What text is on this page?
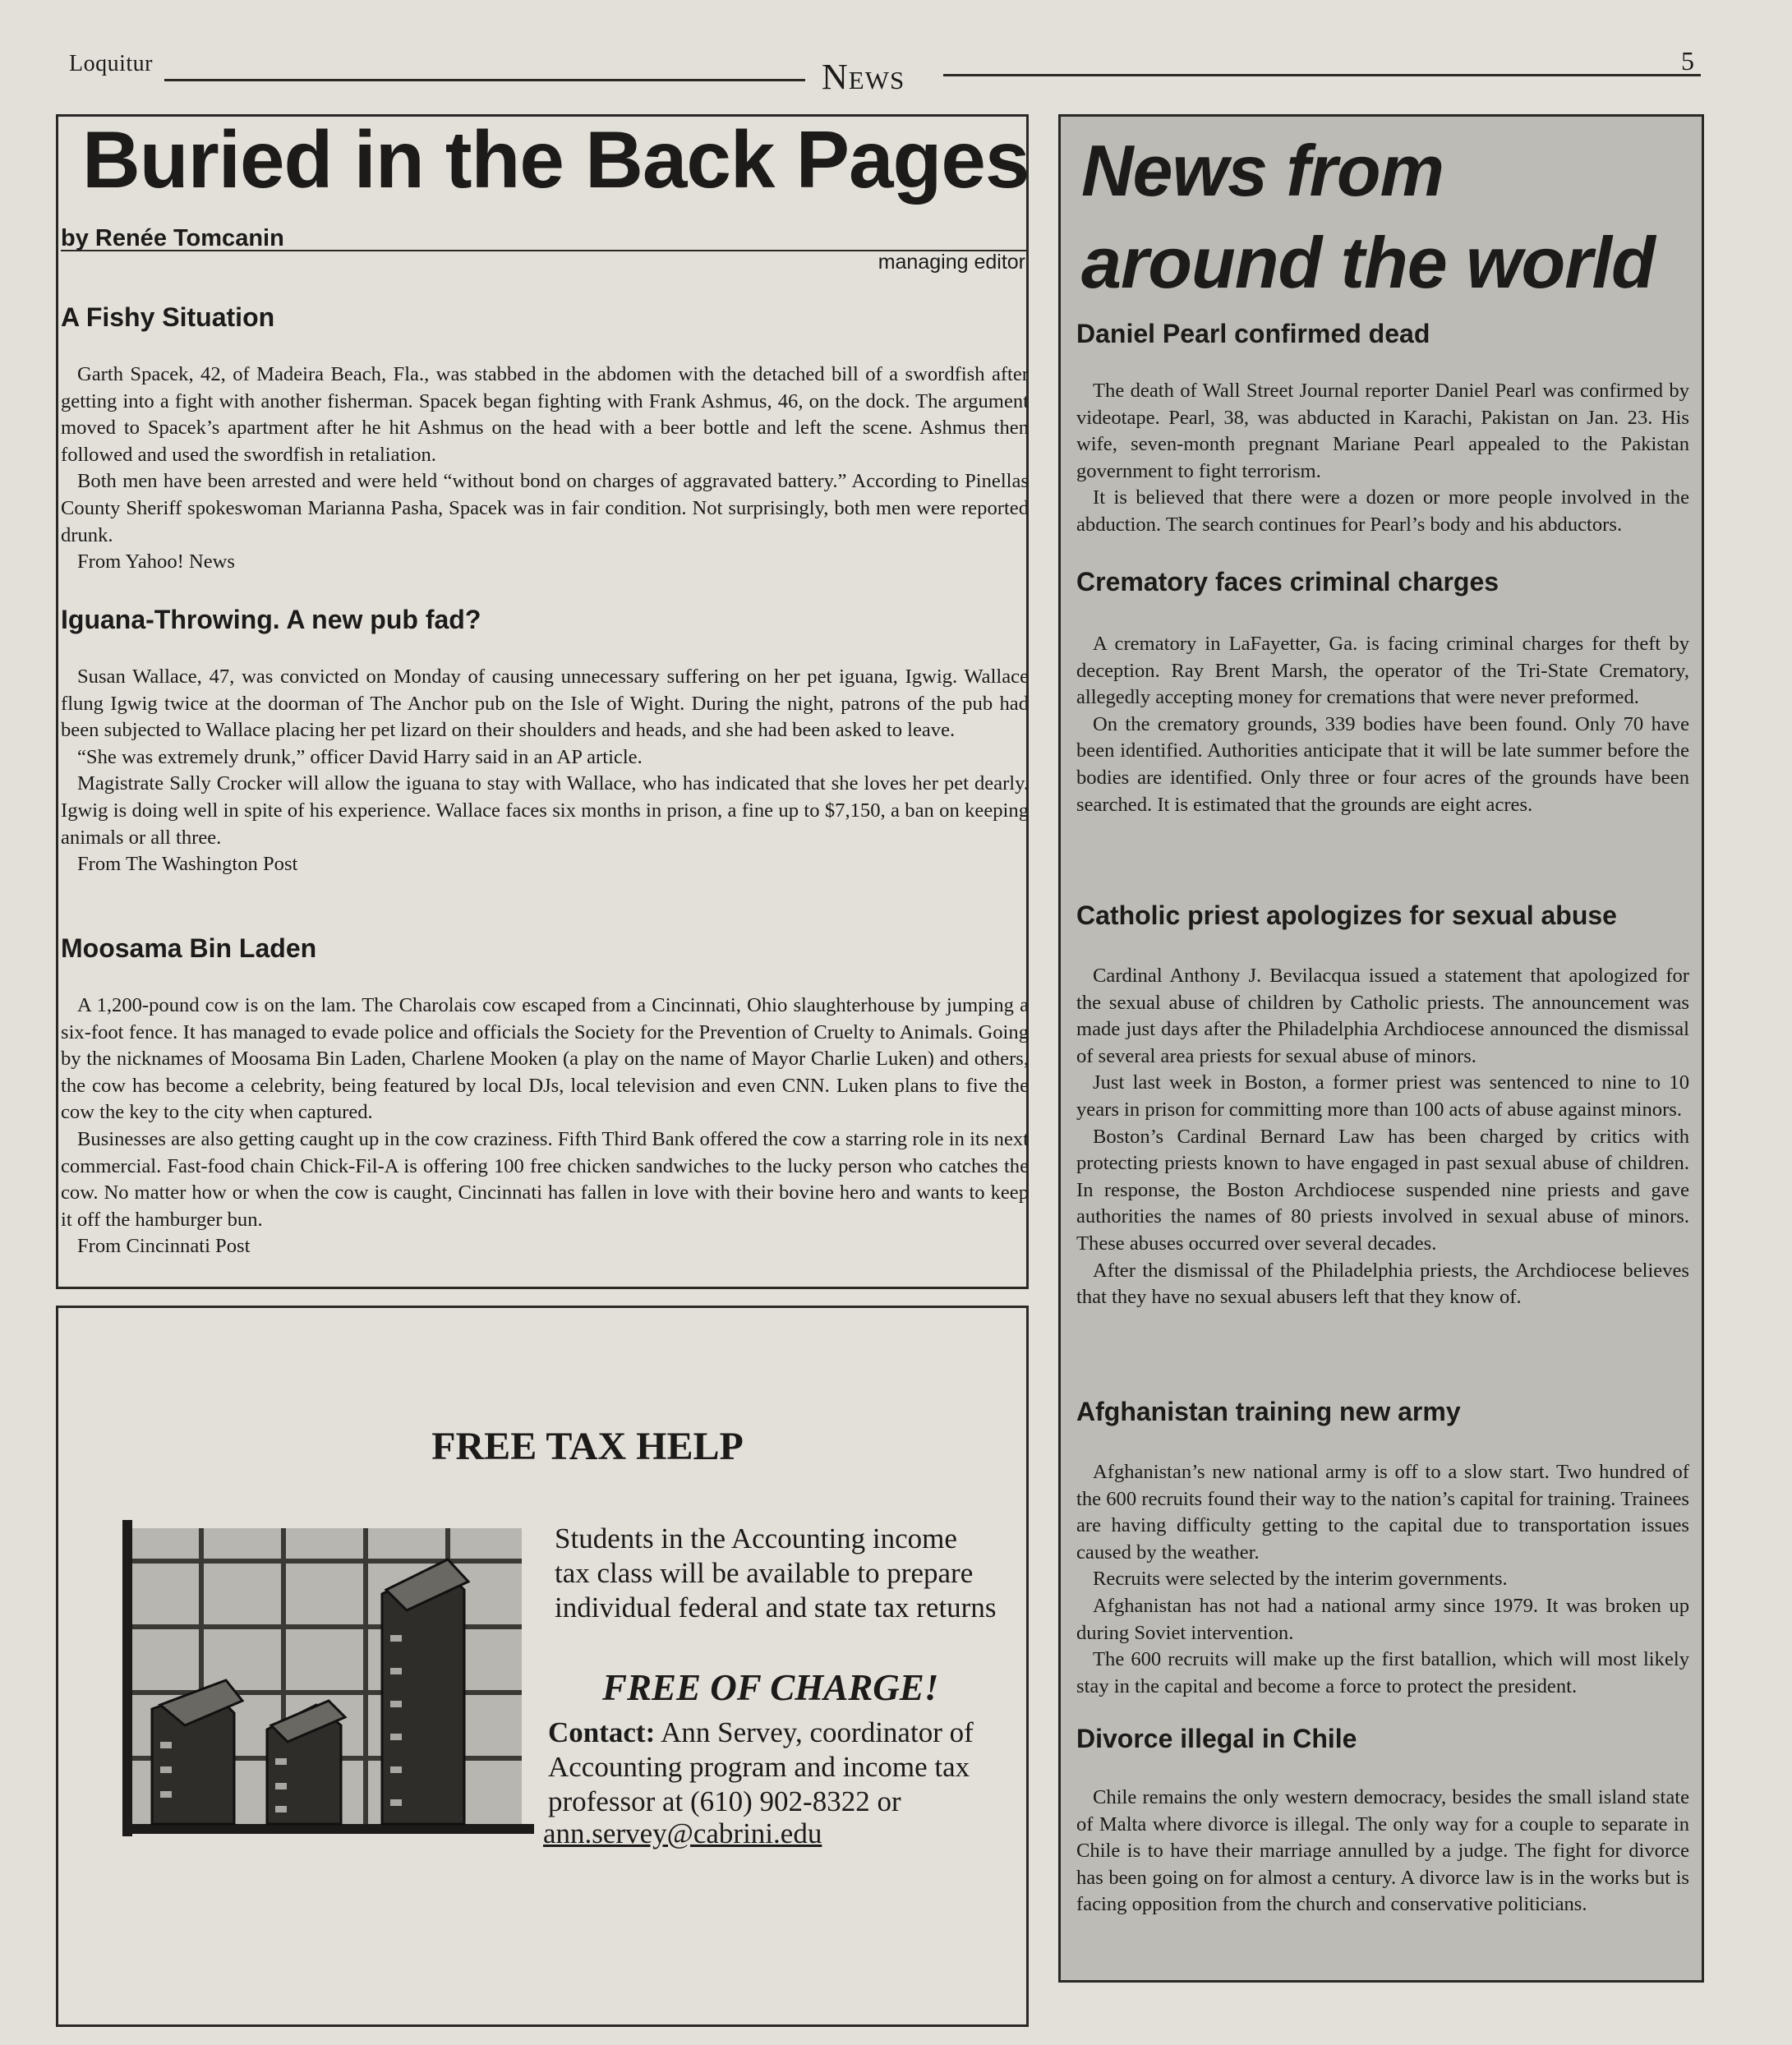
Loquitur	News	5
Buried in the Back Pages
by Renée Tomcanin
managing editor
A Fishy Situation

Garth Spacek, 42, of Madeira Beach, Fla., was stabbed in the abdomen with the detached bill of a swordfish after getting into a fight with another fisherman. Spacek began fighting with Frank Ashmus, 46, on the dock. The argument moved to Spacek’s apartment after he hit Ashmus on the head with a beer bottle and left the scene. Ashmus then followed and used the swordfish in retaliation.

Both men have been arrested and were held “without bond on charges of aggravated battery.” According to Pinellas County Sheriff spokeswoman Marianna Pasha, Spacek was in fair condition. Not surprisingly, both men were reported drunk.

From Yahoo! News

Iguana-Throwing. A new pub fad?

Susan Wallace, 47, was convicted on Monday of causing unnecessary suffering on her pet iguana, Igwig. Wallace flung Igwig twice at the doorman of The Anchor pub on the Isle of Wight. During the night, patrons of the pub had been subjected to Wallace placing her pet lizard on their shoulders and heads, and she had been asked to leave.

“She was extremely drunk,” officer David Harry said in an AP article.

Magistrate Sally Crocker will allow the iguana to stay with Wallace, who has indicated that she loves her pet dearly. Igwig is doing well in spite of his experience. Wallace faces six months in prison, a fine up to $7,150, a ban on keeping animals or all three.

From The Washington Post

Moosama Bin Laden

A 1,200-pound cow is on the lam. The Charolais cow escaped from a Cincinnati, Ohio slaughterhouse by jumping a six-foot fence. It has managed to evade police and officials the Society for the Prevention of Cruelty to Animals. Going by the nicknames of Moosama Bin Laden, Charlene Mooken (a play on the name of Mayor Charlie Luken) and others, the cow has become a celebrity, being featured by local DJs, local television and even CNN. Luken plans to five the cow the key to the city when captured.

Businesses are also getting caught up in the cow craziness. Fifth Third Bank offered the cow a starring role in its next commercial. Fast-food chain Chick-Fil-A is offering 100 free chicken sandwiches to the lucky person who catches the cow. No matter how or when the cow is caught, Cincinnati has fallen in love with their bovine hero and wants to keep it off the hamburger bun.

From Cincinnati Post

FREE TAX HELP
Students in the Accounting income tax class will be available to prepare individual federal and state tax returns
FREE OF CHARGE!
Contact: Ann Servey, coordinator of Accounting program and income tax professor at (610) 902-8322 or
ann.servey@cabrini.edu
News from
around the world
Daniel Pearl confirmed dead

The death of Wall Street Journal reporter Daniel Pearl was confirmed by videotape. Pearl, 38, was abducted in Karachi, Pakistan on Jan. 23. His wife, seven-month pregnant Mariane Pearl appealed to the Pakistan government to fight terrorism.

It is believed that there were a dozen or more people involved in the abduction. The search continues for Pearl’s body and his abductors.

Crematory faces criminal charges

A crematory in LaFayetter, Ga. is facing criminal charges for theft by deception. Ray Brent Marsh, the operator of the Tri-State Crematory, allegedly accepting money for cremations that were never preformed.

On the crematory grounds, 339 bodies have been found. Only 70 have been identified. Authorities anticipate that it will be late summer before the bodies are identified. Only three or four acres of the grounds have been searched. It is estimated that the grounds are eight acres.

Catholic priest apologizes for sexual abuse

Cardinal Anthony J. Bevilacqua issued a statement that apologized for the sexual abuse of children by Catholic priests. The announcement was made just days after the Philadelphia Archdiocese announced the dismissal of several area priests for sexual abuse of minors.

Just last week in Boston, a former priest was sentenced to nine to 10 years in prison for committing more than 100 acts of abuse against minors.

Boston’s Cardinal Bernard Law has been charged by critics with protecting priests known to have engaged in past sexual abuse of children. In response, the Boston Archdiocese suspended nine priests and gave authorities the names of 80 priests involved in sexual abuse of minors. These abuses occurred over several decades.

After the dismissal of the Philadelphia priests, the Archdiocese believes that they have no sexual abusers left that they know of.

Afghanistan training new army

Afghanistan’s new national army is off to a slow start. Two hundred of the 600 recruits found their way to the nation’s capital for training. Trainees are having difficulty getting to the capital due to transportation issues caused by the weather.

Recruits were selected by the interim governments.

Afghanistan has not had a national army since 1979. It was broken up during Soviet intervention.

The 600 recruits will make up the first batallion, which will most likely stay in the capital and become a force to protect the president.

Divorce illegal in Chile

Chile remains the only western democracy, besides the small island state of Malta where divorce is illegal. The only way for a couple to separate in Chile is to have their marriage annulled by a judge. The fight for divorce has been going on for almost a century. A divorce law is in the works but is facing opposition from the church and conservative politicians.
